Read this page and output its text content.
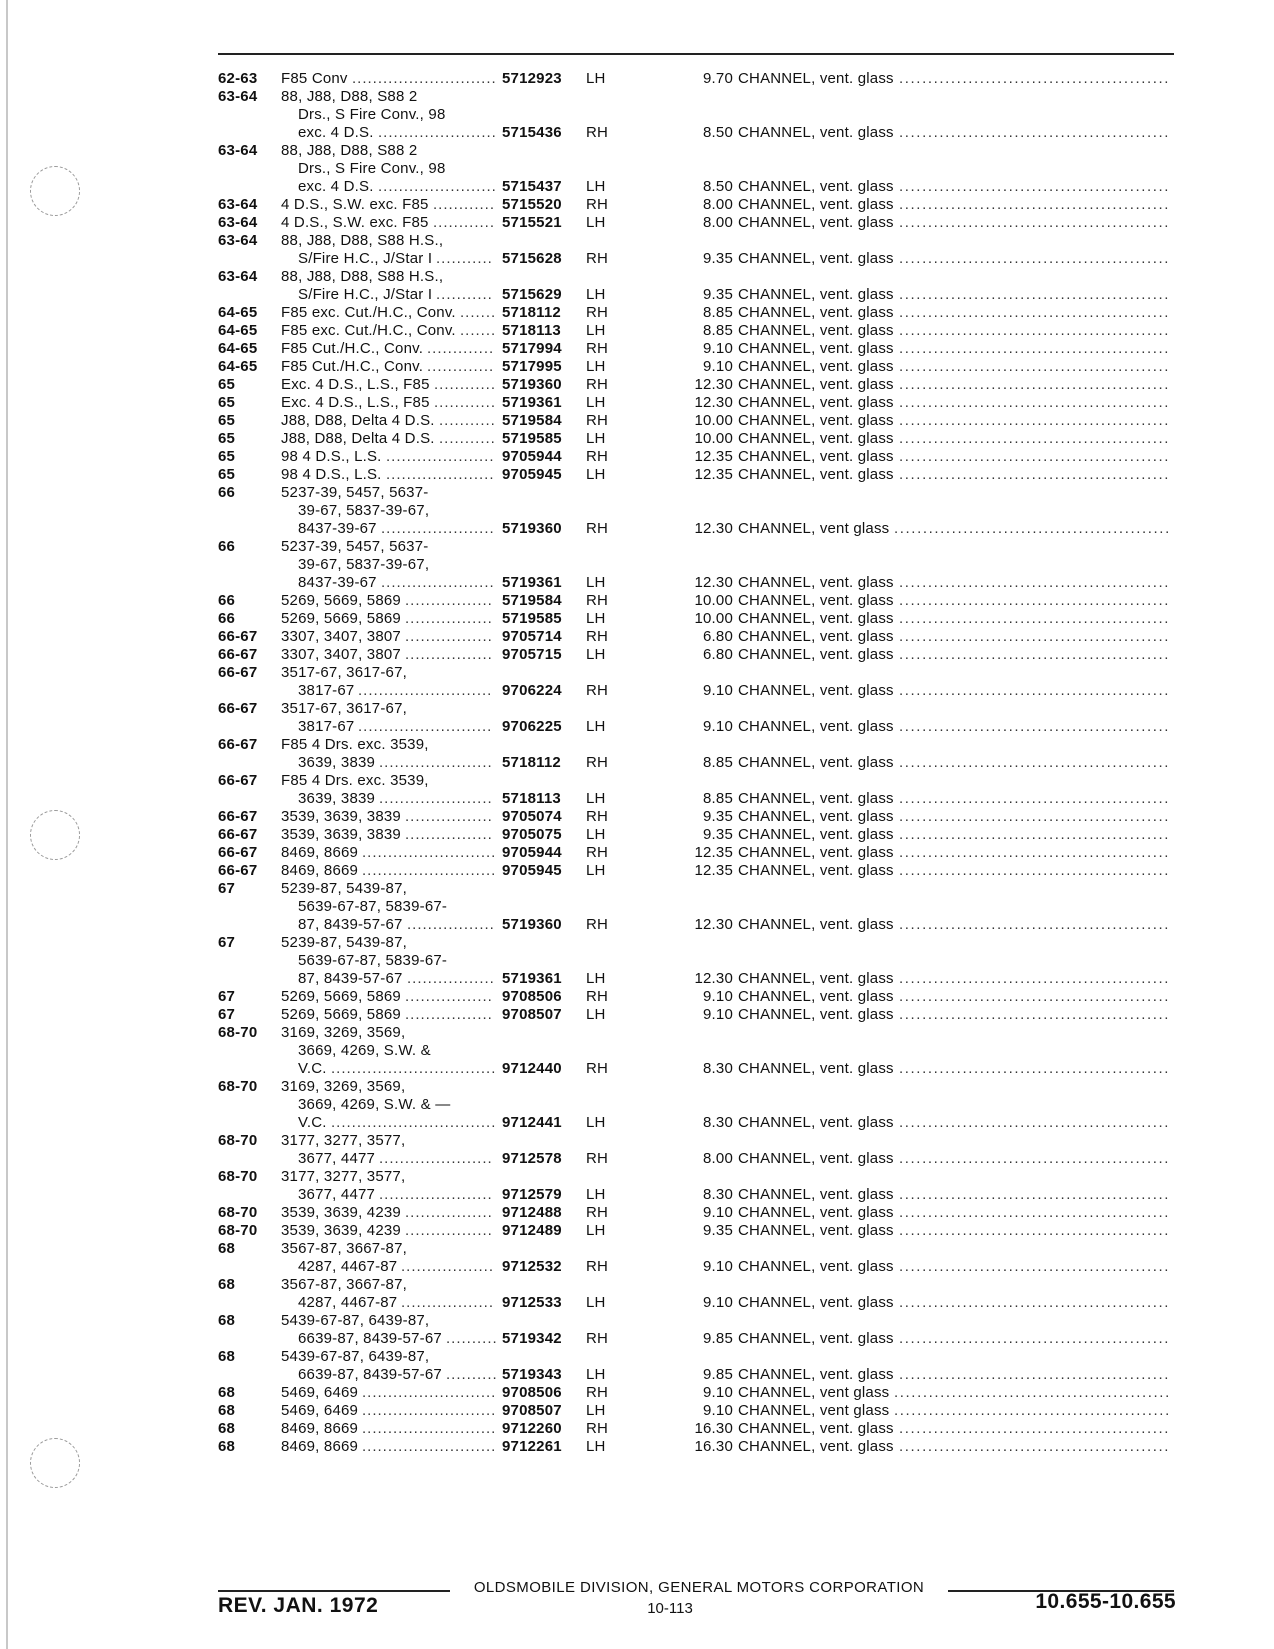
62-63 F85 Conv ............................ 5712923 LH	9.70 CHANNEL, vent. glass ...............................................
63-64 88, J88, D88, S88 2
Drs., S Fire Conv., 98
exc. 4 D.S. ....................... 5715436 RH	8.50 CHANNEL, vent. glass ...............................................
63-64 88, J88, D88, S88 2
Drs., S Fire Conv., 98
exc. 4 D.S. ....................... 5715437 LH	8.50 CHANNEL, vent. glass ...............................................
63-64 4 D.S., S.W. exc. F85 ............ 5715520 RH	8.00 CHANNEL, vent. glass ...............................................
63-64 4 D.S., S.W. exc. F85 ............ 5715521 LH	8.00 CHANNEL, vent. glass ...............................................
63-64 88, J88, D88, S88 H.S.,
S/Fire H.C., J/Star I ........... 5715628 RH	9.35 CHANNEL, vent. glass ...............................................
63-64 88, J88, D88, S88 H.S.,
S/Fire H.C., J/Star I ........... 5715629 LH	9.35 CHANNEL, vent. glass ...............................................
64-65 F85 exc. Cut./H.C., Conv. ....... 5718112 RH	8.85 CHANNEL, vent. glass ...............................................
64-65 F85 exc. Cut./H.C., Conv. ....... 5718113 LH	8.85 CHANNEL, vent. glass ...............................................
64-65 F85 Cut./H.C., Conv. ............. 5717994 RH	9.10 CHANNEL, vent. glass ...............................................
64-65 F85 Cut./H.C., Conv. ............. 5717995 LH	9.10 CHANNEL, vent. glass ...............................................
65	Exc. 4 D.S., L.S., F85 ............ 5719360 RH	12.30 CHANNEL, vent. glass ...............................................
65	Exc. 4 D.S., L.S., F85 ............ 5719361 LH	12.30 CHANNEL, vent. glass ...............................................
65	J88, D88, Delta 4 D.S. ........... 5719584 RH	10.00 CHANNEL, vent. glass ...............................................
65	J88, D88, Delta 4 D.S. ........... 5719585 LH	10.00 CHANNEL, vent. glass ...............................................
65	98 4 D.S., L.S. ..................... 9705944 RH	12.35 CHANNEL, vent. glass ...............................................
65	98 4 D.S., L.S. ..................... 9705945 LH	12.35 CHANNEL, vent. glass ...............................................
66	5237-39, 5457, 5637-
39-67, 5837-39-67,
8437-39-67 ...................... 5719360 RH	12.30 CHANNEL, vent glass ................................................
66	5237-39, 5457, 5637-
39-67, 5837-39-67,
8437-39-67 ...................... 5719361 LH	12.30 CHANNEL, vent. glass ...............................................
66	5269, 5669, 5869 ................. 5719584 RH	10.00 CHANNEL, vent. glass ...............................................
66	5269, 5669, 5869 ................. 5719585 LH	10.00 CHANNEL, vent. glass ...............................................
66-67 3307, 3407, 3807 ................. 9705714 RH	6.80 CHANNEL, vent. glass ...............................................
66-67 3307, 3407, 3807 ................. 9705715 LH	6.80 CHANNEL, vent. glass ...............................................
66-67 3517-67, 3617-67,
3817-67 .......................... 9706224 RH	9.10 CHANNEL, vent. glass ...............................................
66-67 3517-67, 3617-67,
3817-67 .......................... 9706225 LH	9.10 CHANNEL, vent. glass ...............................................
66-67 F85 4 Drs. exc. 3539,
3639, 3839 ...................... 5718112 RH	8.85 CHANNEL, vent. glass ...............................................
66-67 F85 4 Drs. exc. 3539,
3639, 3839 ...................... 5718113 LH	8.85 CHANNEL, vent. glass ...............................................
66-67 3539, 3639, 3839 ................. 9705074 RH	9.35 CHANNEL, vent. glass ...............................................
66-67 3539, 3639, 3839 ................. 9705075 LH	9.35 CHANNEL, vent. glass ...............................................
66-67 8469, 8669 .......................... 9705944 RH	12.35 CHANNEL, vent. glass ...............................................
66-67 8469, 8669 .......................... 9705945 LH	12.35 CHANNEL, vent. glass ...............................................
67	5239-87, 5439-87,
5639-67-87, 5839-67-
87, 8439-57-67 ................. 5719360 RH	12.30 CHANNEL, vent. glass ...............................................
67	5239-87, 5439-87,
5639-67-87, 5839-67-
87, 8439-57-67 ................. 5719361 LH	12.30 CHANNEL, vent. glass ...............................................
67	5269, 5669, 5869 ................. 9708506 RH	9.10 CHANNEL, vent. glass ...............................................
67	5269, 5669, 5869 ................. 9708507 LH	9.10 CHANNEL, vent. glass ...............................................
68-70 3169, 3269, 3569,
3669, 4269, S.W. &
V.C. ................................ 9712440 RH	8.30 CHANNEL, vent. glass ...............................................
68-70 3169, 3269, 3569,
3669, 4269, S.W. & —
V.C. ................................ 9712441 LH	8.30 CHANNEL, vent. glass ...............................................
68-70 3177, 3277, 3577,
3677, 4477 ...................... 9712578 RH	8.00 CHANNEL, vent. glass ...............................................
68-70 3177, 3277, 3577,
3677, 4477 ...................... 9712579 LH	8.30 CHANNEL, vent. glass ...............................................
68-70 3539, 3639, 4239 ................. 9712488 RH	9.10 CHANNEL, vent. glass ...............................................
68-70 3539, 3639, 4239 ................. 9712489 LH	9.35 CHANNEL, vent. glass ...............................................
68	3567-87, 3667-87,
4287, 4467-87 .................. 9712532 RH	9.10 CHANNEL, vent. glass ...............................................
68	3567-87, 3667-87,
4287, 4467-87 .................. 9712533 LH	9.10 CHANNEL, vent. glass ...............................................
68	5439-67-87, 6439-87,
6639-87, 8439-57-67 .......... 5719342 RH	9.85 CHANNEL, vent. glass ...............................................
68	5439-67-87, 6439-87,
6639-87, 8439-57-67 .......... 5719343 LH	9.85 CHANNEL, vent. glass ...............................................
68	5469, 6469 .......................... 9708506 RH	9.10 CHANNEL, vent glass ................................................
68	5469, 6469 .......................... 9708507 LH	9.10 CHANNEL, vent glass ................................................
68	8469, 8669 .......................... 9712260 RH	16.30 CHANNEL, vent. glass ...............................................
68	8469, 8669 .......................... 9712261 LH	16.30 CHANNEL, vent. glass ...............................................
OLDSMOBILE DIVISION, GENERAL MOTORS CORPORATION
REV. JAN. 1972	10-113	10.655-10.655
